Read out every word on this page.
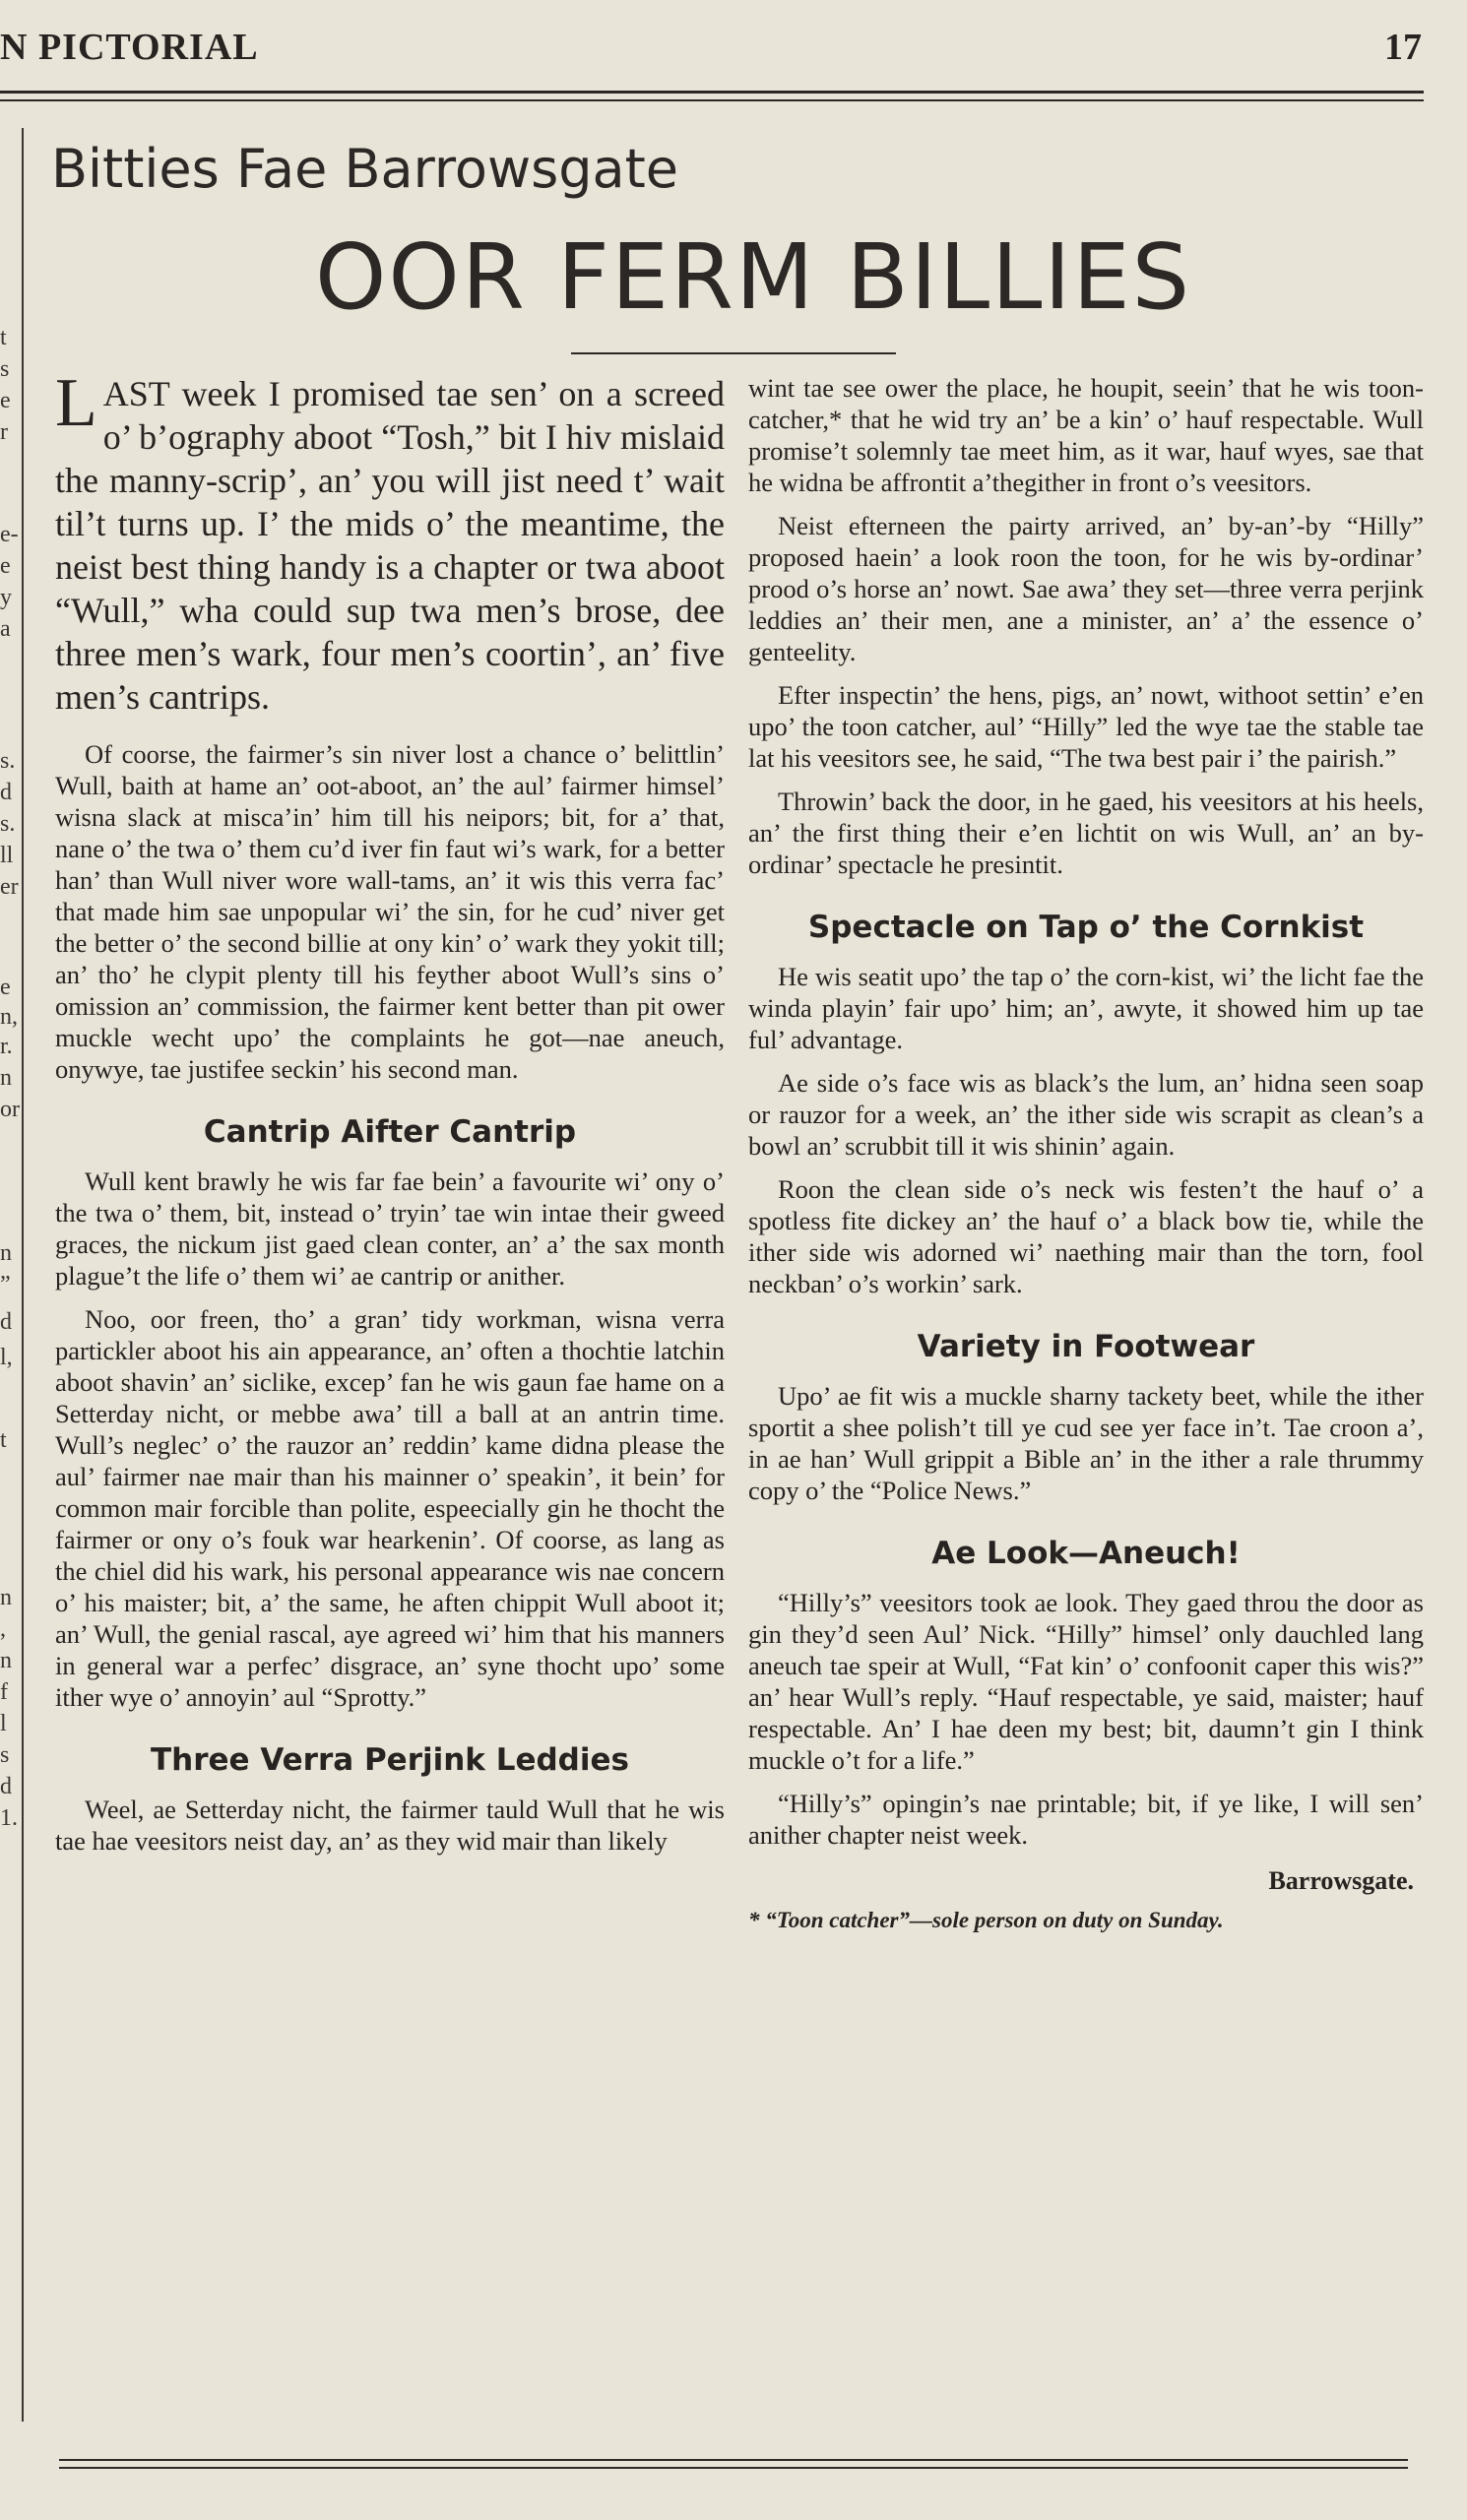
N PICTORIAL	17
t
s
e
r
e-
e
y
a
s.
d
s.
ll
er
e
n,
r.
n
or
n
”
d
l,
t
n
,
n
f
l
s
d
1.
Bitties Fae Barrowsgate
OOR FERM BILLIES

LAST week I promised tae sen’ on a screed o’ b’ography aboot “Tosh,” bit I hiv mislaid the manny-scrip’, an’ you will jist need t’ wait til’t turns up. I’ the mids o’ the meantime, the neist best thing handy is a chapter or twa aboot “Wull,” wha could sup twa men’s brose, dee three men’s wark, four men’s coortin’, an’ five men’s cantrips.

Of coorse, the fairmer’s sin niver lost a chance o’ belittlin’ Wull, baith at hame an’ oot-aboot, an’ the aul’ fairmer himsel’ wisna slack at misca’in’ him till his neipors; bit, for a’ that, nane o’ the twa o’ them cu’d iver fin faut wi’s wark, for a better han’ than Wull niver wore wall-tams, an’ it wis this verra fac’ that made him sae unpopular wi’ the sin, for he cud’ niver get the better o’ the second billie at ony kin’ o’ wark they yokit till; an’ tho’ he clypit plenty till his feyther aboot Wull’s sins o’ omission an’ commission, the fairmer kent better than pit ower muckle wecht upo’ the complaints he got—nae aneuch, onywye, tae justifee seckin’ his second man.

Cantrip Aifter Cantrip

Wull kent brawly he wis far fae bein’ a favourite wi’ ony o’ the twa o’ them, bit, instead o’ tryin’ tae win intae their gweed graces, the nickum jist gaed clean conter, an’ a’ the sax month plague’t the life o’ them wi’ ae cantrip or anither.

Noo, oor freen, tho’ a gran’ tidy workman, wisna verra partickler aboot his ain appearance, an’ often a thochtie latchin aboot shavin’ an’ siclike, excep’ fan he wis gaun fae hame on a Setterday nicht, or mebbe awa’ till a ball at an antrin time. Wull’s neglec’ o’ the rauzor an’ reddin’ kame didna please the aul’ fairmer nae mair than his mainner o’ speakin’, it bein’ for common mair forcible than polite, espeecially gin he thocht the fairmer or ony o’s fouk war hearkenin’. Of coorse, as lang as the chiel did his wark, his personal appearance wis nae concern o’ his maister; bit, a’ the same, he aften chippit Wull aboot it; an’ Wull, the genial rascal, aye agreed wi’ him that his manners in general war a perfec’ disgrace, an’ syne thocht upo’ some ither wye o’ annoyin’ aul “Sprotty.”

Three Verra Perjink Leddies

Weel, ae Setterday nicht, the fairmer tauld Wull that he wis tae hae veesitors neist day, an’ as they wid mair than likely

wint tae see ower the place, he houpit, seein’ that he wis toon-catcher,* that he wid try an’ be a kin’ o’ hauf respectable. Wull promise’t solemnly tae meet him, as it war, hauf wyes, sae that he widna be affrontit a’thegither in front o’s veesitors.

Neist efterneen the pairty arrived, an’ by-an’-by “Hilly” proposed haein’ a look roon the toon, for he wis by-ordinar’ prood o’s horse an’ nowt. Sae awa’ they set—three verra perjink leddies an’ their men, ane a minister, an’ a’ the essence o’ genteelity.

Efter inspectin’ the hens, pigs, an’ nowt, withoot settin’ e’en upo’ the toon catcher, aul’ “Hilly” led the wye tae the stable tae lat his veesitors see, he said, “The twa best pair i’ the pairish.”

Throwin’ back the door, in he gaed, his veesitors at his heels, an’ the first thing their e’en lichtit on wis Wull, an’ an by-ordinar’ spectacle he presintit.

Spectacle on Tap o’ the Cornkist

He wis seatit upo’ the tap o’ the corn-kist, wi’ the licht fae the winda playin’ fair upo’ him; an’, awyte, it showed him up tae ful’ advantage.

Ae side o’s face wis as black’s the lum, an’ hidna seen soap or rauzor for a week, an’ the ither side wis scrapit as clean’s a bowl an’ scrubbit till it wis shinin’ again.

Roon the clean side o’s neck wis festen’t the hauf o’ a spotless fite dickey an’ the hauf o’ a black bow tie, while the ither side wis adorned wi’ naething mair than the torn, fool neckban’ o’s workin’ sark.

Variety in Footwear

Upo’ ae fit wis a muckle sharny tackety beet, while the ither sportit a shee polish’t till ye cud see yer face in’t. Tae croon a’, in ae han’ Wull grippit a Bible an’ in the ither a rale thrummy copy o’ the “Police News.”

Ae Look—Aneuch!

“Hilly’s” veesitors took ae look. They gaed throu the door as gin they’d seen Aul’ Nick. “Hilly” himsel’ only dauchled lang aneuch tae speir at Wull, “Fat kin’ o’ confoonit caper this wis?” an’ hear Wull’s reply. “Hauf respectable, ye said, maister; hauf respectable. An’ I hae deen my best; bit, daumn’t gin I think muckle o’t for a life.”

“Hilly’s” opingin’s nae printable; bit, if ye like, I will sen’ anither chapter neist week.

Barrowsgate.
* “Toon catcher”—sole person on duty on Sunday.
